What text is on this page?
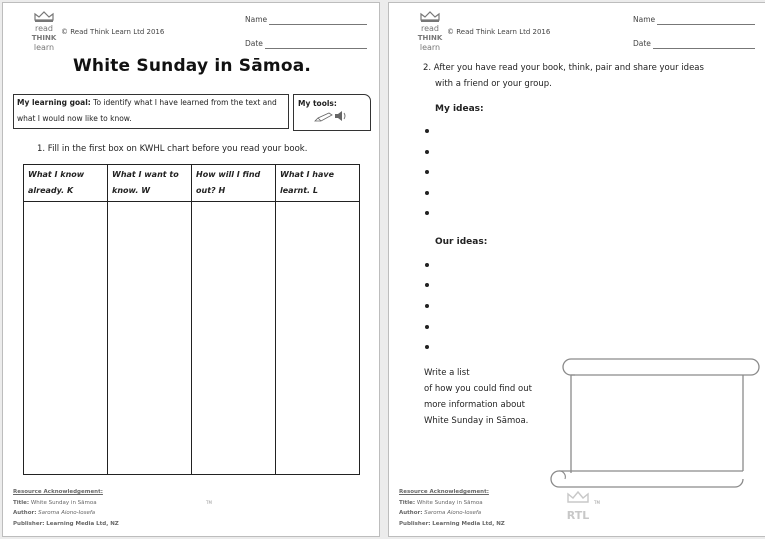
read
THINK
learn
© Read Think Learn Ltd 2016
Name
Date
White Sunday in Sāmoa.
My learning goal: To identify what I have learned from the text and what I would now like to know.
My tools:
1. Fill in the first box on KWHL chart before you read your book.
What I know
already. K	What I want to
know. W	How will I find
out? H	What I have
learnt. L

Resource Acknowledgement:
Title: White Sunday in Sāmoa
Author: Saroma Aiono-Iosefa
Publisher: Learning Media Ltd, NZ
TM
read
THINK
learn
© Read Think Learn Ltd 2016
Name
Date
2. After you have read your book, think, pair and share your ideas
with a friend or your group.
My ideas:
Our ideas:
Write a list
of how you could find out
more information about
White Sunday in Sāmoa.
RTL
TM
Resource Acknowledgement:
Title: White Sunday in Sāmoa
Author: Saroma Aiono-Iosefa
Publisher: Learning Media Ltd, NZ
